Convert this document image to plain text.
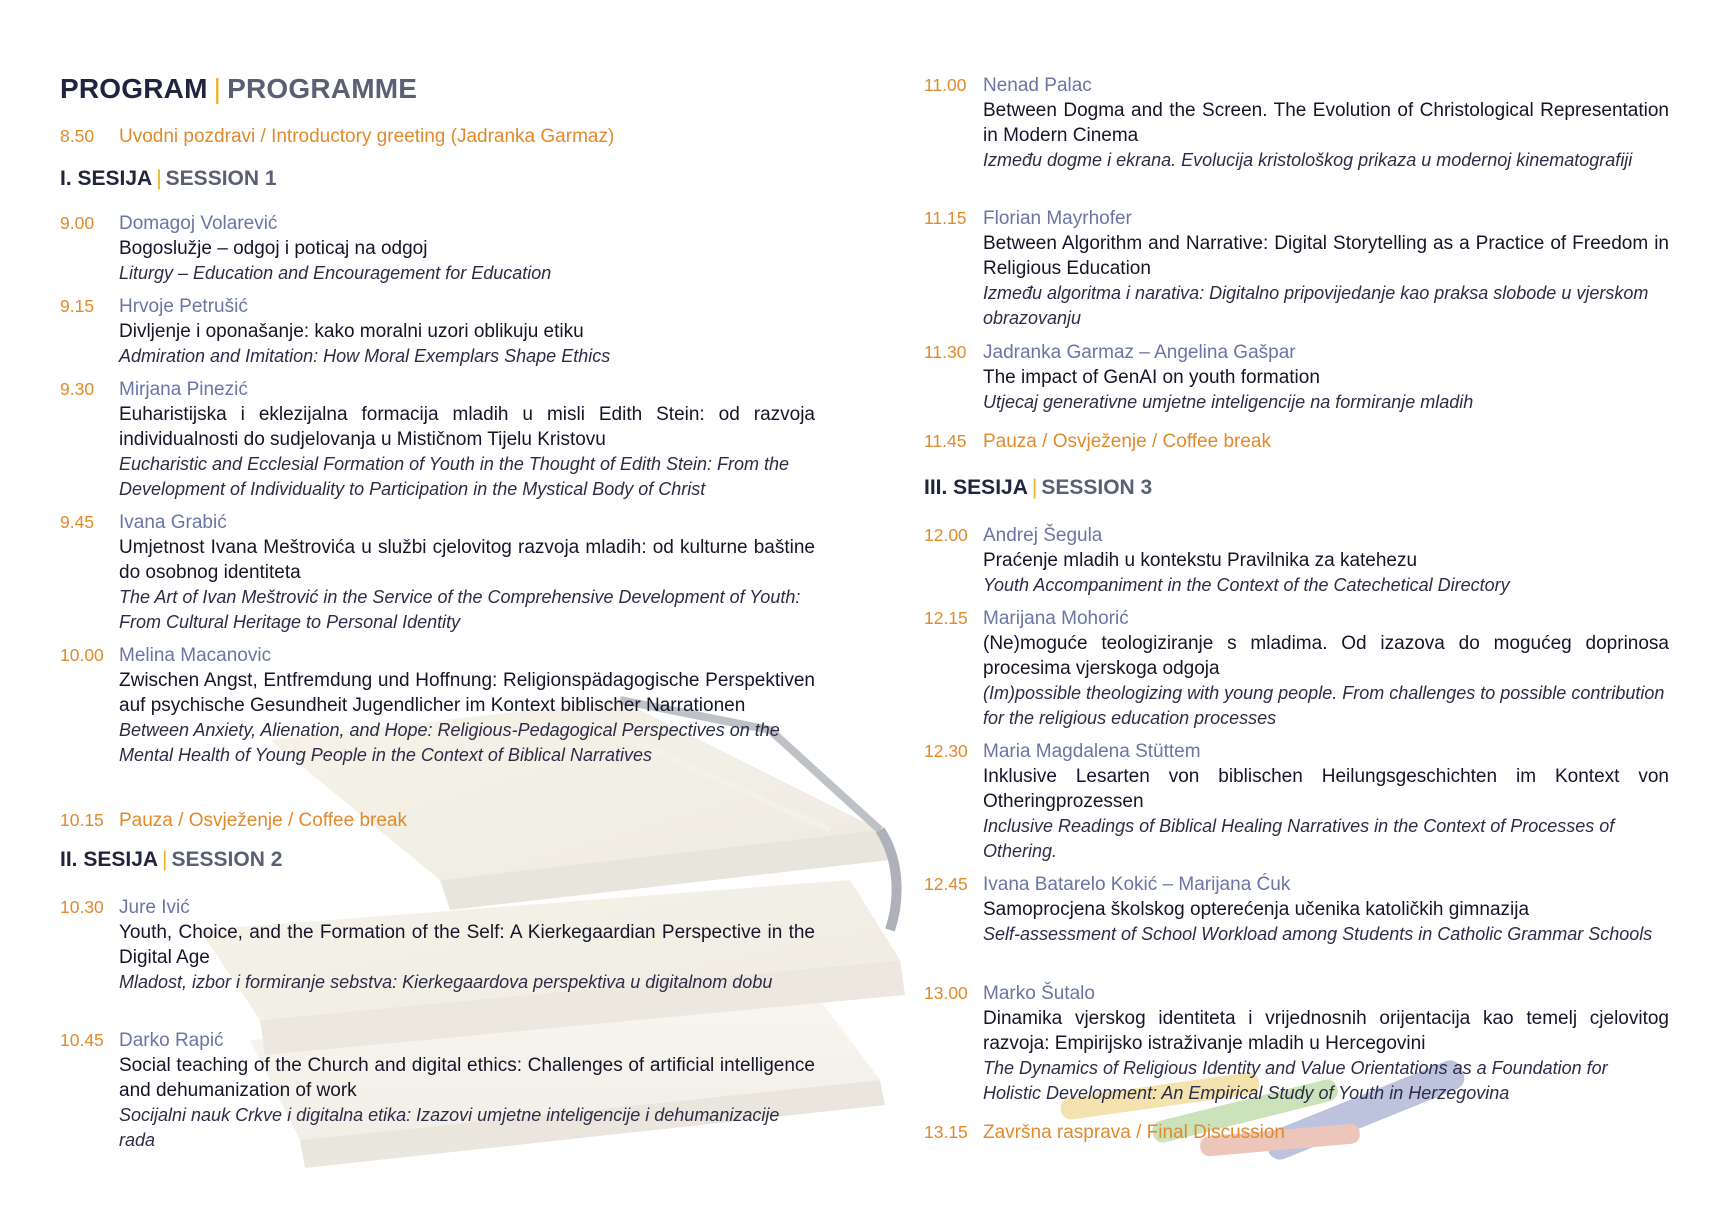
PROGRAM | PROGRAMME
8.50 Uvodni pozdravi / Introductory greeting (Jadranka Garmaz)
I. SESIJA | SESSION 1
9.00 Domagoj Volarević
Bogoslužje – odgoj i poticaj na odgoj
Liturgy – Education and Encouragement for Education
9.15 Hrvoje Petrušić
Divljenje i oponašanje: kako moralni uzori oblikuju etiku
Admiration and Imitation: How Moral Exemplars Shape Ethics
9.30 Mirjana Pinezić
Euharistijska i eklezijalna formacija mladih u misli Edith Stein: od razvoja individualnosti do sudjelovanja u Mističnom Tijelu Kristovu
Eucharistic and Ecclesial Formation of Youth in the Thought of Edith Stein: From the Development of Individuality to Participation in the Mystical Body of Christ
9.45 Ivana Grabić
Umjetnost Ivana Meštrovića u službi cjelovitog razvoja mladih: od kulturne baštine do osobnog identiteta
The Art of Ivan Meštrović in the Service of the Comprehensive Development of Youth: From Cultural Heritage to Personal Identity
10.00 Melina Macanovic
Zwischen Angst, Entfremdung und Hoffnung: Religionspädagogische Perspektiven auf psychische Gesundheit Jugendlicher im Kontext biblischer Narrationen
Between Anxiety, Alienation, and Hope: Religious-Pedagogical Perspectives on the Mental Health of Young People in the Context of Biblical Narratives
10.15 Pauza / Osvježenje / Coffee break
II. SESIJA | SESSION 2
10.30 Jure Ivić
Youth, Choice, and the Formation of the Self: A Kierkegaardian Perspective in the Digital Age
Mladost, izbor i formiranje sebstva: Kierkegaardova perspektiva u digitalnom dobu
10.45 Darko Rapić
Social teaching of the Church and digital ethics: Challenges of artificial intelligence and dehumanization of work
Socijalni nauk Crkve i digitalna etika: Izazovi umjetne inteligencije i dehumanizacije rada
11.00 Nenad Palac
Between Dogma and the Screen. The Evolution of Christological Representation in Modern Cinema
Između dogme i ekrana. Evolucija kristološkog prikaza u modernoj kinematografiji
11.15 Florian Mayrhofer
Between Algorithm and Narrative: Digital Storytelling as a Practice of Freedom in Religious Education
Između algoritma i narativa: Digitalno pripovijedanje kao praksa slobode u vjerskom obrazovanju
11.30 Jadranka Garmaz – Angelina Gašpar
The impact of GenAI on youth formation
Utjecaj generativne umjetne inteligencije na formiranje mladih
11.45 Pauza / Osvježenje / Coffee break
III. SESIJA | SESSION 3
12.00 Andrej Šegula
Praćenje mladih u kontekstu Pravilnika za katehezu
Youth Accompaniment in the Context of the Catechetical Directory
12.15 Marijana Mohorić
(Ne)moguće teologiziranje s mladima. Od izazova do mogućeg doprinosa procesima vjerskoga odgoja
(Im)possible theologizing with young people. From challenges to possible contribution for the religious education processes
12.30 Maria Magdalena Stüttem
Inklusive Lesarten von biblischen Heilungsgeschichten im Kontext von Otheringprozessen
Inclusive Readings of Biblical Healing Narratives in the Context of Processes of Othering.
12.45 Ivana Batarelo Kokić – Marijana Ćuk
Samoprocjena školskog opterećenja učenika katoličkih gimnazija
Self-assessment of School Workload among Students in Catholic Grammar Schools
13.00 Marko Šutalo
Dinamika vjerskog identiteta i vrijednosnih orijentacija kao temelj cjelovitog razvoja: Empirijsko istraživanje mladih u Hercegovini
The Dynamics of Religious Identity and Value Orientations as a Foundation for Holistic Development: An Empirical Study of Youth in Herzegovina
13.15 Završna rasprava / Final Discussion
